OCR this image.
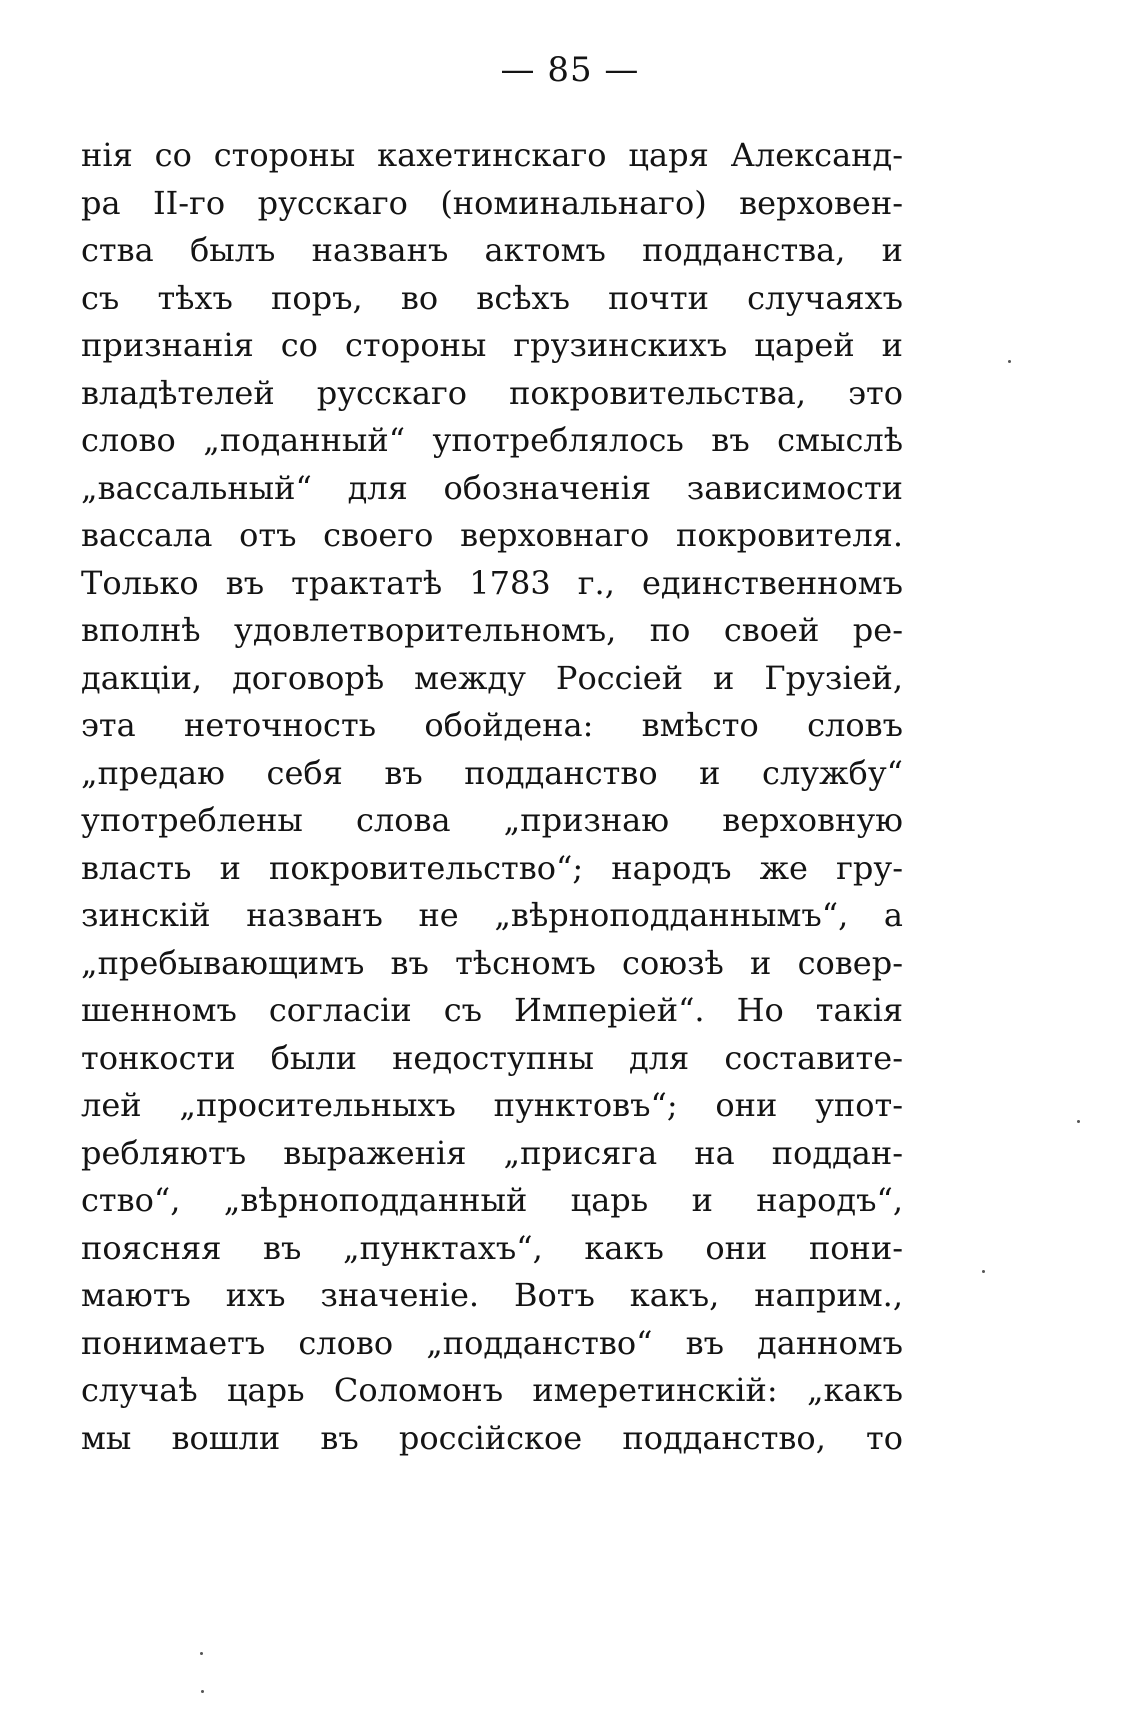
— 85 —
нія со стороны кахетинскаго царя Александ-
ра II-го русскаго (номинальнаго) верховен-
ства былъ названъ актомъ подданства, и
съ тѣхъ поръ, во всѣхъ почти случаяхъ
признанія со стороны грузинскихъ царей и
владѣтелей русскаго покровительства, это
слово „поданный“ употреблялось въ смыслѣ
„вассальный“ для обозначенія зависимости
вассала отъ своего верховнаго покровителя.
Только въ трактатѣ 1783 г., единственномъ
вполнѣ удовлетворительномъ, по своей ре-
дакціи, договорѣ между Россіей и Грузіей,
эта неточность обойдена: вмѣсто словъ
„предаю себя въ подданство и службу“
употреблены слова „признаю верховную
власть и покровительство“; народъ же гру-
зинскій названъ не „вѣрноподданнымъ“, а
„пребывающимъ въ тѣсномъ союзѣ и совер-
шенномъ согласіи съ Имперіей“. Но такія
тонкости были недоступны для составите-
лей „просительныхъ пунктовъ“; они упот-
ребляютъ выраженія „присяга на поддан-
ство“, „вѣрноподданный царь и народъ“,
поясняя въ „пунктахъ“, какъ они пони-
маютъ ихъ значеніе. Вотъ какъ, наприм.,
понимаетъ слово „подданство“ въ данномъ
случаѣ царь Соломонъ имеретинскій: „какъ
мы вошли въ россійское подданство, то
